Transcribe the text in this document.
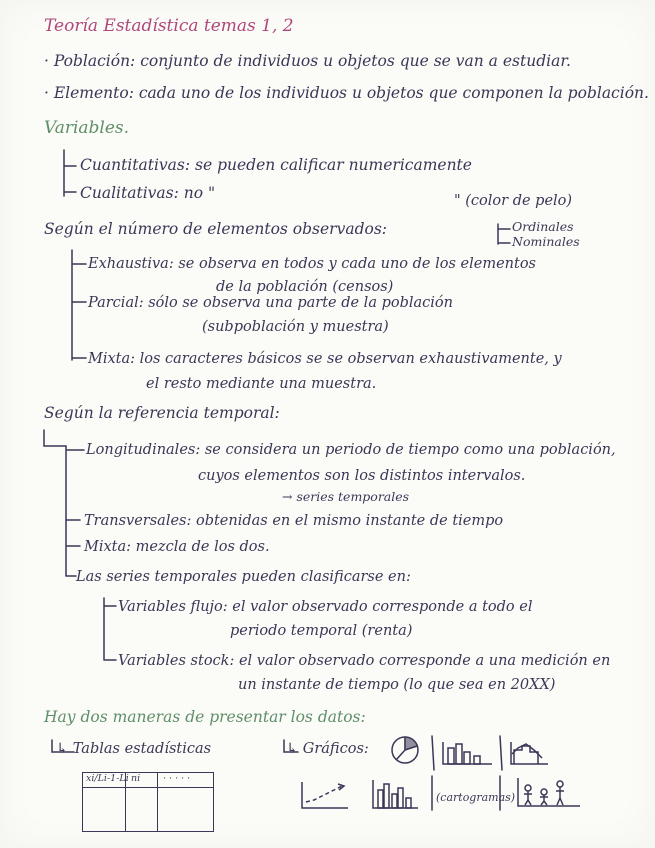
Teoría Estadística temas 1, 2
· Población: conjunto de individuos u objetos que se van a estudiar.
· Elemento: cada uno de los individuos u objetos que componen la población.
Variables.
Cuantitativas: se pueden calificar numericamente
Cualitativas: no "	" (color de pelo)
Ordinales
Nominales
Según el número de elementos observados:
Exhaustiva: se observa en todos y cada uno de los elementos
de la población (censos)
Parcial: sólo se observa una parte de la población
(subpoblación y muestra)
Mixta: los caracteres básicos se se observan exhaustivamente, y
el resto mediante una muestra.
Según la referencia temporal:
Longitudinales: se considera un periodo de tiempo como una población,
cuyos elementos son los distintos intervalos.
→ series temporales
Transversales: obtenidas en el mismo instante de tiempo
Mixta: mezcla de los dos.
Las series temporales pueden clasificarse en:
Variables flujo: el valor observado corresponde a todo el
periodo temporal (renta)
Variables stock: el valor observado corresponde a una medición en
un instante de tiempo (lo que sea en 20XX)
Hay dos maneras de presentar los datos:
↳ Tablas estadísticas	↳ Gráficos:
xi/Li-1-Li ni · · · · ·
(cartogramas)
